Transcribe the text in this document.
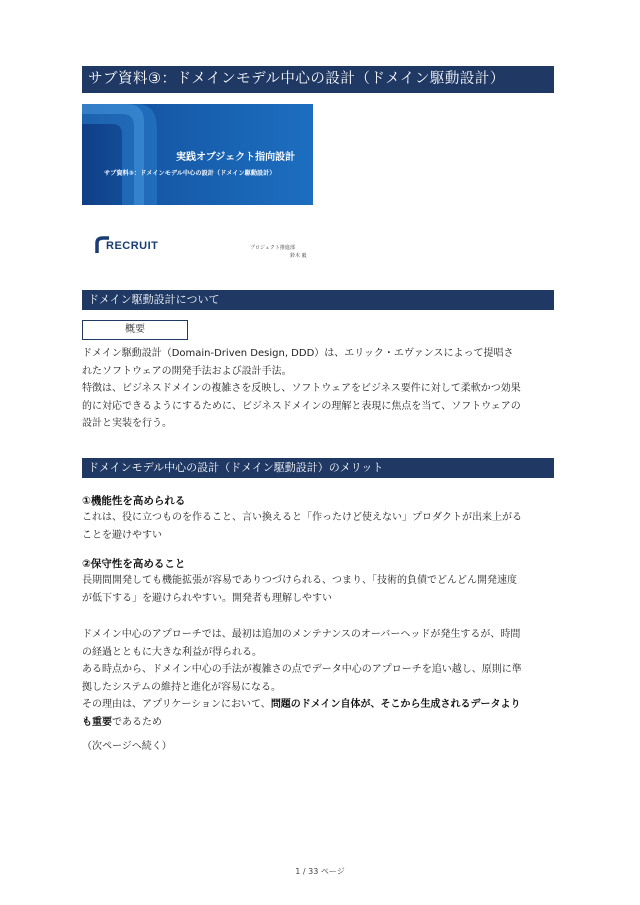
サブ資料③：ドメインモデル中心の設計（ドメイン駆動設計）
実践オブジェクト指向設計
サブ資料③：ドメインモデル中心の設計（ドメイン駆動設計）
RECRUIT	プロジェクト推進部
鈴木 毅
ドメイン駆動設計について
概要

ドメイン駆動設計（Domain-Driven Design, DDD）は、エリック・エヴァンスによって提唱されたソフトウェアの開発手法および設計手法。

特徴は、ビジネスドメインの複雑さを反映し、ソフトウェアをビジネス要件に対して柔軟かつ効果的に対応できるようにするために、ビジネスドメインの理解と表現に焦点を当て、ソフトウェアの設計と実装を行う。

ドメインモデル中心の設計（ドメイン駆動設計）のメリット
①機能性を高められる
これは、役に立つものを作ること、言い換えると「作ったけど使えない」プロダクトが出来上がることを避けやすい
②保守性を高めること
長期間開発しても機能拡張が容易でありつづけられる、つまり、「技術的負債でどんどん開発速度が低下する」を避けられやすい。開発者も理解しやすい

ドメイン中心のアプローチでは、最初は追加のメンテナンスのオーバーヘッドが発生するが、時間の経過とともに大きな利益が得られる。

ある時点から、ドメイン中心の手法が複雑さの点でデータ中心のアプローチを追い越し、原則に準拠したシステムの維持と進化が容易になる。

その理由は、アプリケーションにおいて、問題のドメイン自体が、そこから生成されるデータよりも重要であるため

（次ページへ続く）
1 / 33 ページ
